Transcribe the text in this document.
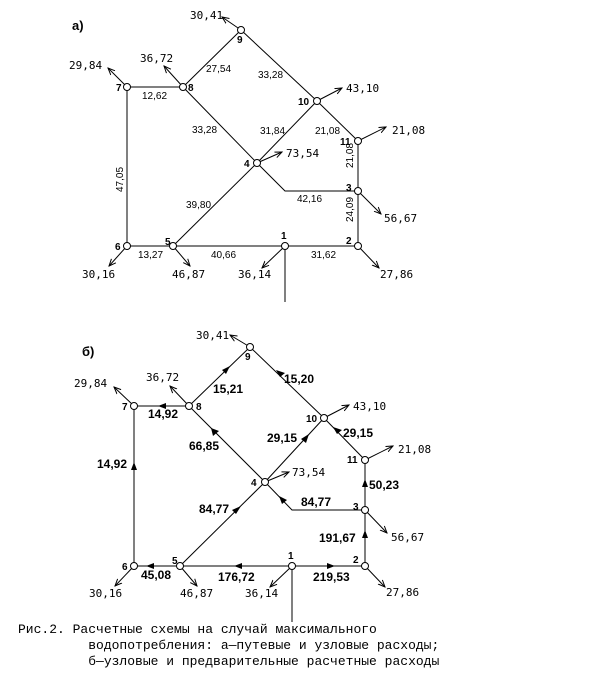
а)
9
8
7
10
11
4
3
2
1
5
6
12,62
27,54
33,28
33,28	31,84	21,08
42,16
39,80
13,27	40,66	31,62
21,08
24,09
47,05
29,84
36,72
30,41
43,10
21,08
73,54
56,67
27,86
36,14
46,87
30,16
б)	9
8
7
10
11
4
3
2
1
5
6
14,92
15,21
15,20
66,85
29,15	29,15
84,77
84,77
50,23
191,67
14,92
45,08	176,72	219,53
29,84	36,72
30,41
43,10
21,08
73,54
56,67
27,86
36,14
46,87
30,16
Рис.2. Расчетные схемы на случай максимального
водопотребления: а—путевые и узловые расходы;
б—узловые и предварительные расчетные расходы
